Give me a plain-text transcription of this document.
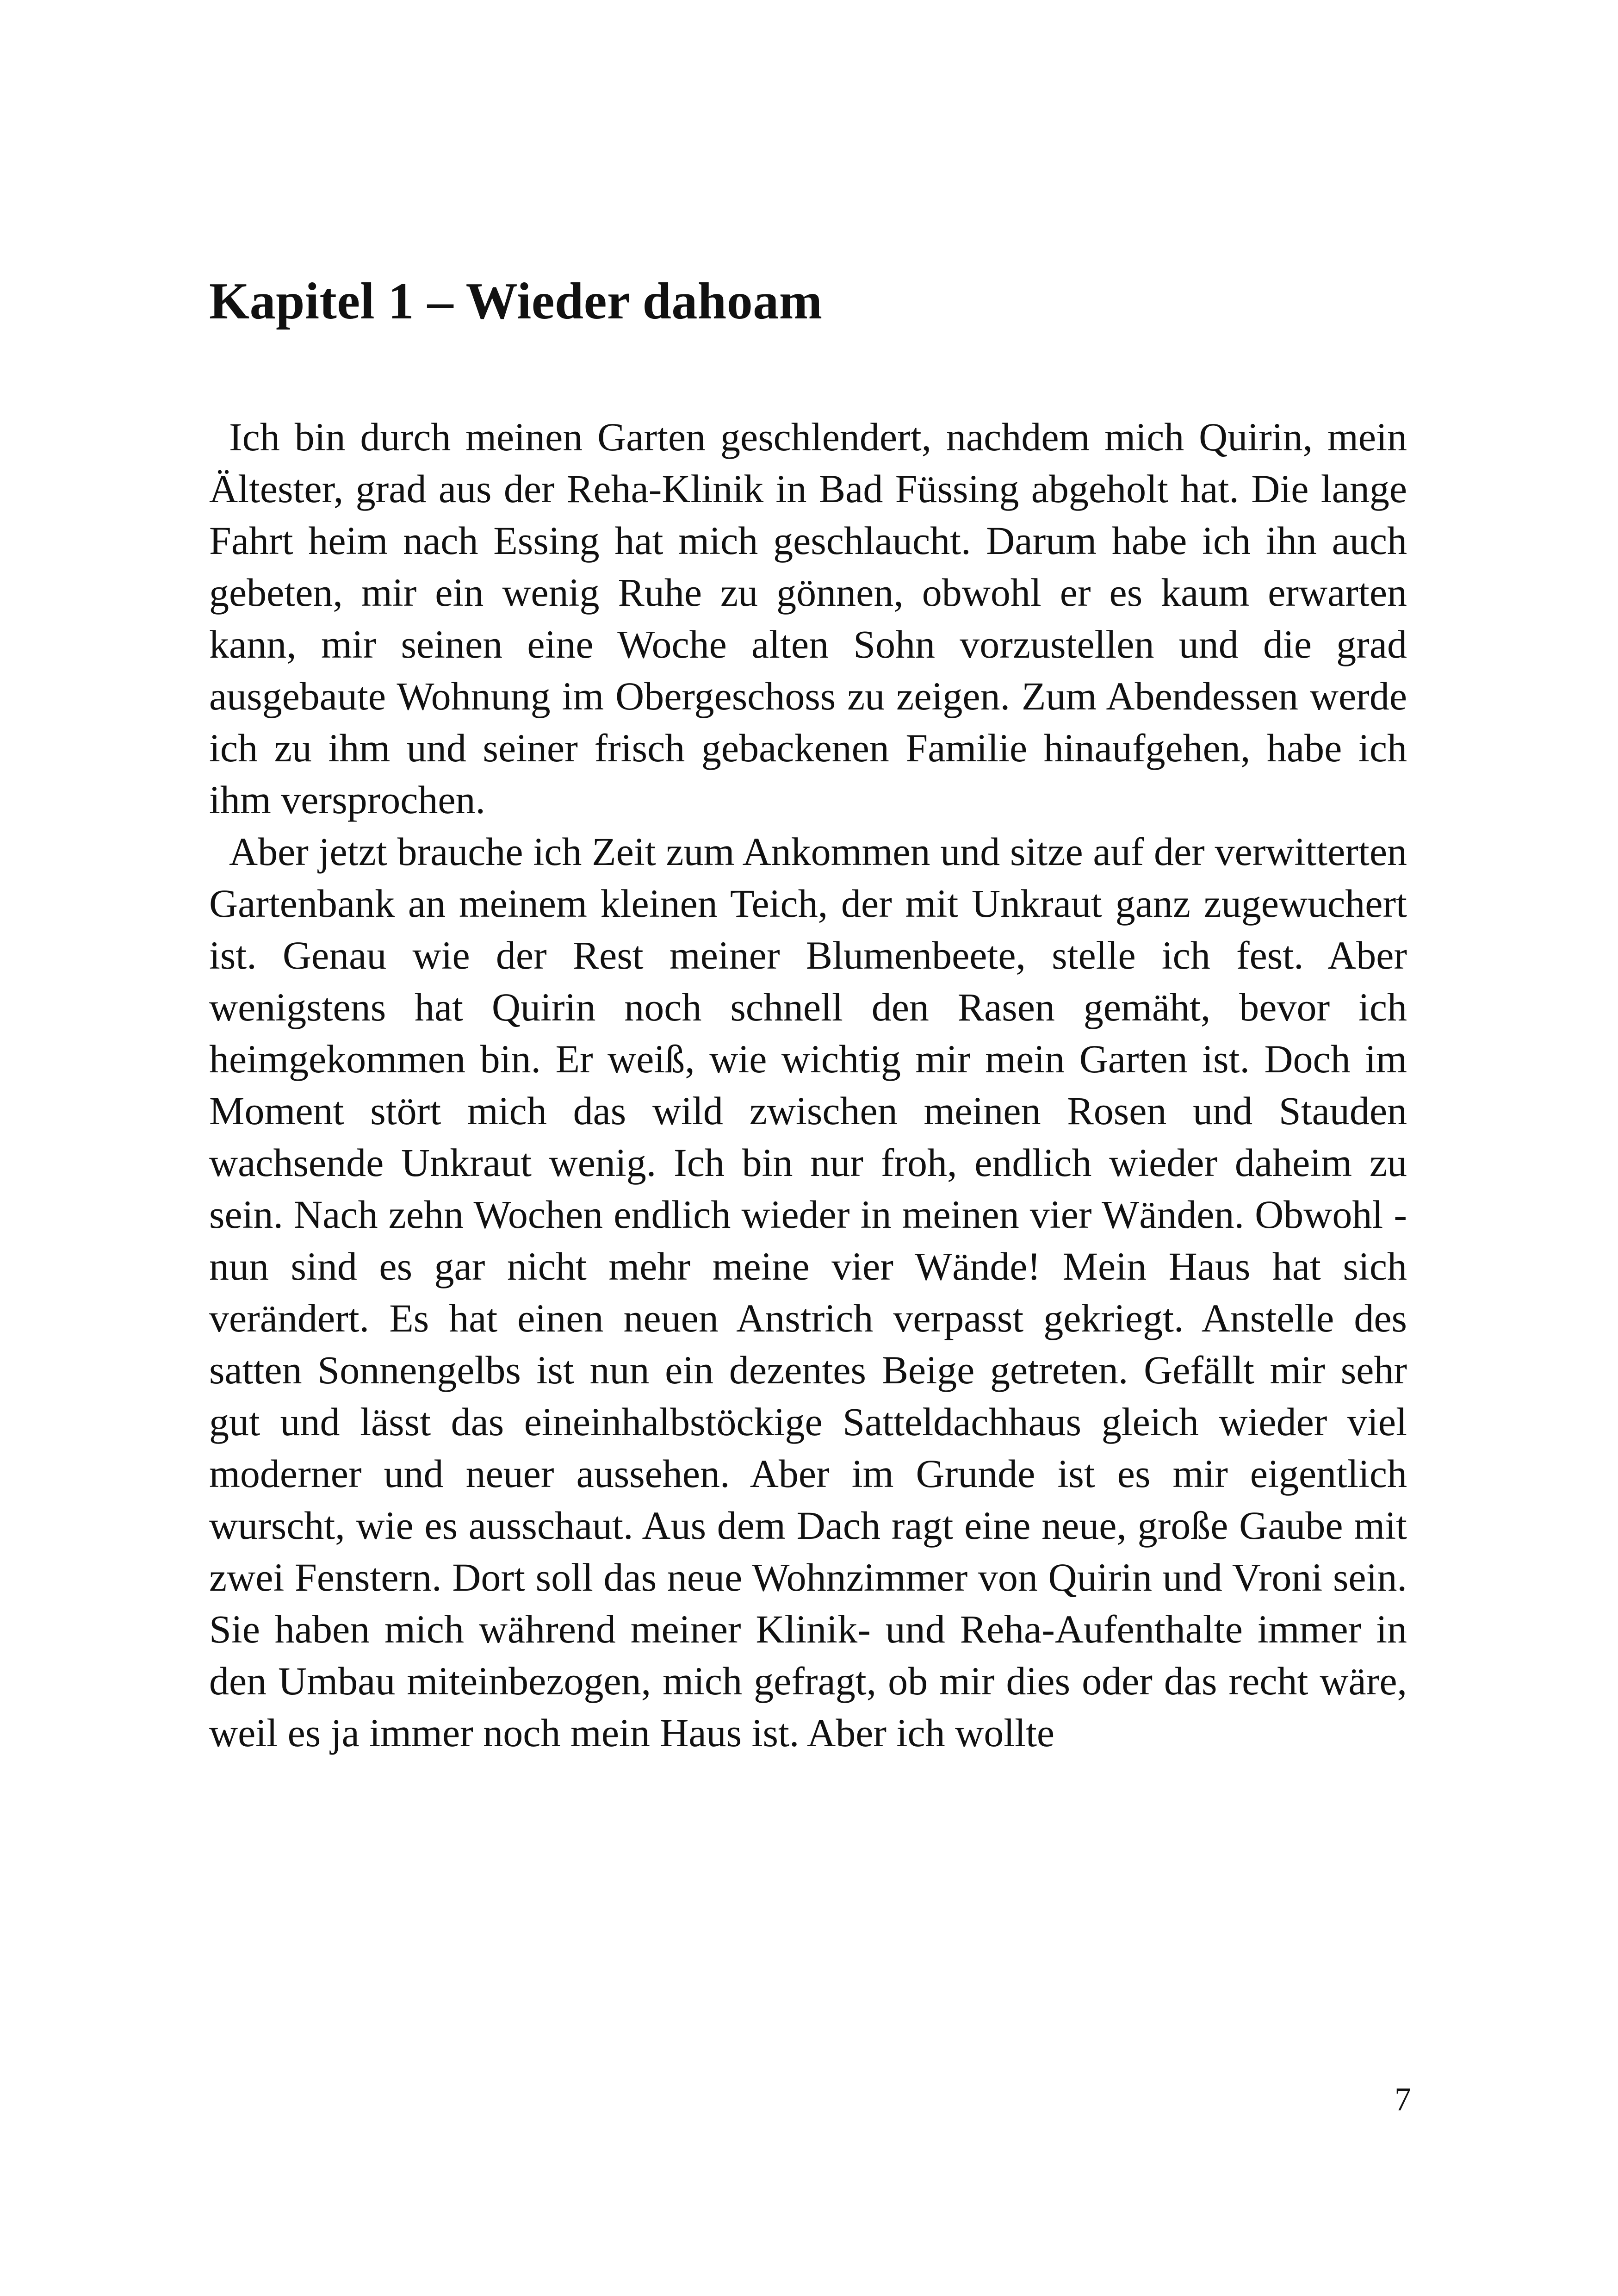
Kapitel 1 – Wieder dahoam

Ich bin durch meinen Garten geschlendert, nachdem mich Quirin, mein Ältester, grad aus der Reha-Klinik in Bad Füssing abgeholt hat. Die lange Fahrt heim nach Essing hat mich geschlaucht. Darum habe ich ihn auch gebeten, mir ein wenig Ruhe zu gönnen, obwohl er es kaum erwarten kann, mir seinen eine Woche alten Sohn vorzustellen und die grad ausgebaute Wohnung im Obergeschoss zu zeigen. Zum Abendessen werde ich zu ihm und seiner frisch gebackenen Familie hinaufgehen, habe ich ihm versprochen.

Aber jetzt brauche ich Zeit zum Ankommen und sitze auf der verwitterten Gartenbank an meinem kleinen Teich, der mit Unkraut ganz zugewuchert ist. Genau wie der Rest meiner Blumenbeete, stelle ich fest. Aber wenigstens hat Quirin noch schnell den Rasen gemäht, bevor ich heimgekommen bin. Er weiß, wie wichtig mir mein Garten ist. Doch im Moment stört mich das wild zwischen meinen Rosen und Stauden wachsende Unkraut wenig. Ich bin nur froh, endlich wieder daheim zu sein. Nach zehn Wochen endlich wieder in meinen vier Wänden. Obwohl - nun sind es gar nicht mehr meine vier Wände! Mein Haus hat sich verändert. Es hat einen neuen Anstrich verpasst gekriegt. Anstelle des satten Sonnengelbs ist nun ein dezentes Beige getreten. Gefällt mir sehr gut und lässt das eineinhalbstöckige Satteldachhaus gleich wieder viel moderner und neuer aussehen. Aber im Grunde ist es mir eigentlich wurscht, wie es ausschaut. Aus dem Dach ragt eine neue, große Gaube mit zwei Fenstern. Dort soll das neue Wohnzimmer von Quirin und Vroni sein. Sie haben mich während meiner Klinik- und Reha-Aufenthalte immer in den Umbau miteinbezogen, mich gefragt, ob mir dies oder das recht wäre, weil es ja immer noch mein Haus ist. Aber ich wollte

7
